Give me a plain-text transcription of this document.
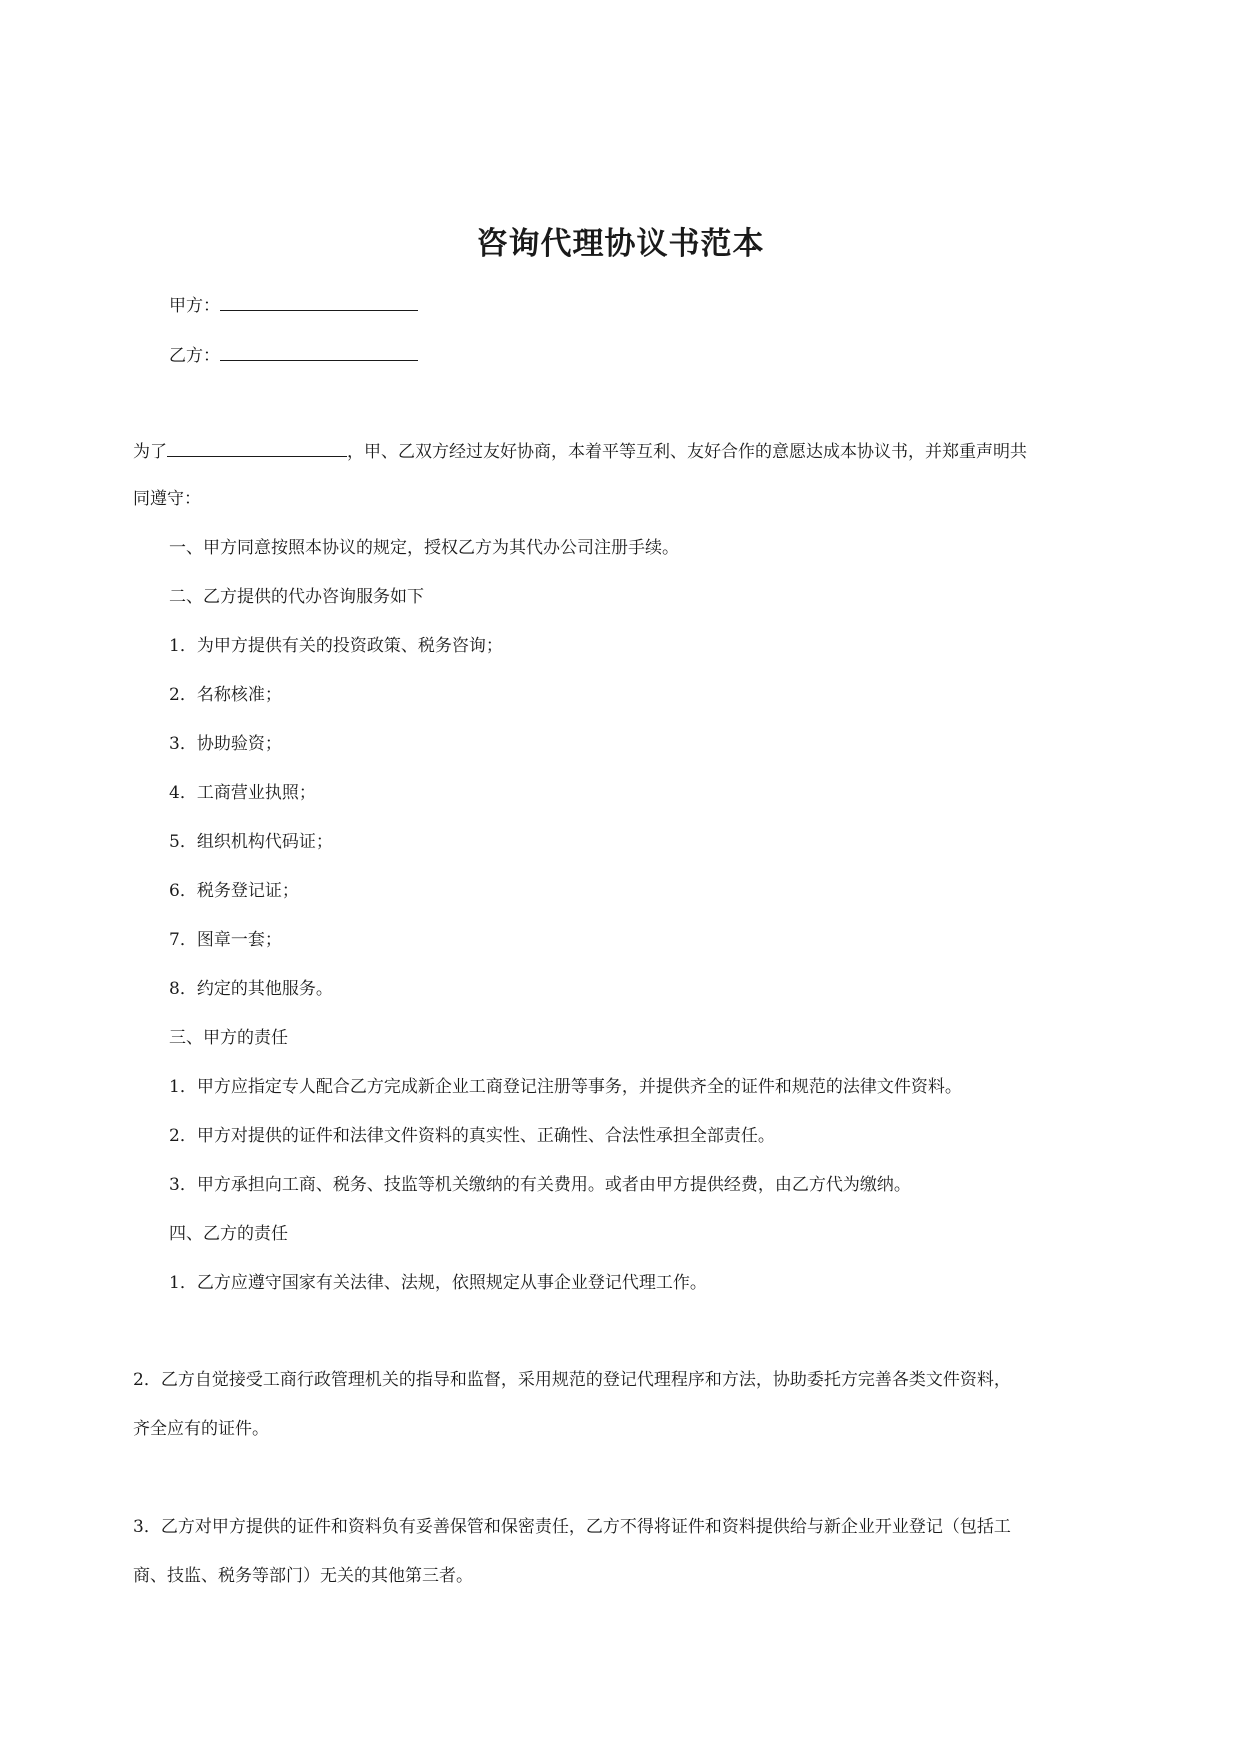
咨询代理协议书范本

甲方：

乙方：

为了	，甲、乙双方经过友好协商，本着平等互利、友好合作的意愿达成本协议书，并郑重声明共

同遵守：

一、甲方同意按照本协议的规定，授权乙方为其代办公司注册手续。

二、乙方提供的代办咨询服务如下

1．为甲方提供有关的投资政策、税务咨询；

2．名称核准；

3．协助验资；

4．工商营业执照；

5．组织机构代码证；

6．税务登记证；

7．图章一套；

8．约定的其他服务。

三、甲方的责任

1．甲方应指定专人配合乙方完成新企业工商登记注册等事务，并提供齐全的证件和规范的法律文件资料。

2．甲方对提供的证件和法律文件资料的真实性、正确性、合法性承担全部责任。

3．甲方承担向工商、税务、技监等机关缴纳的有关费用。或者由甲方提供经费，由乙方代为缴纳。

四、乙方的责任

1．乙方应遵守国家有关法律、法规，依照规定从事企业登记代理工作。

2．乙方自觉接受工商行政管理机关的指导和监督，采用规范的登记代理程序和方法，协助委托方完善各类文件资料，

齐全应有的证件。

3．乙方对甲方提供的证件和资料负有妥善保管和保密责任，乙方不得将证件和资料提供给与新企业开业登记（包括工

商、技监、税务等部门）无关的其他第三者。
